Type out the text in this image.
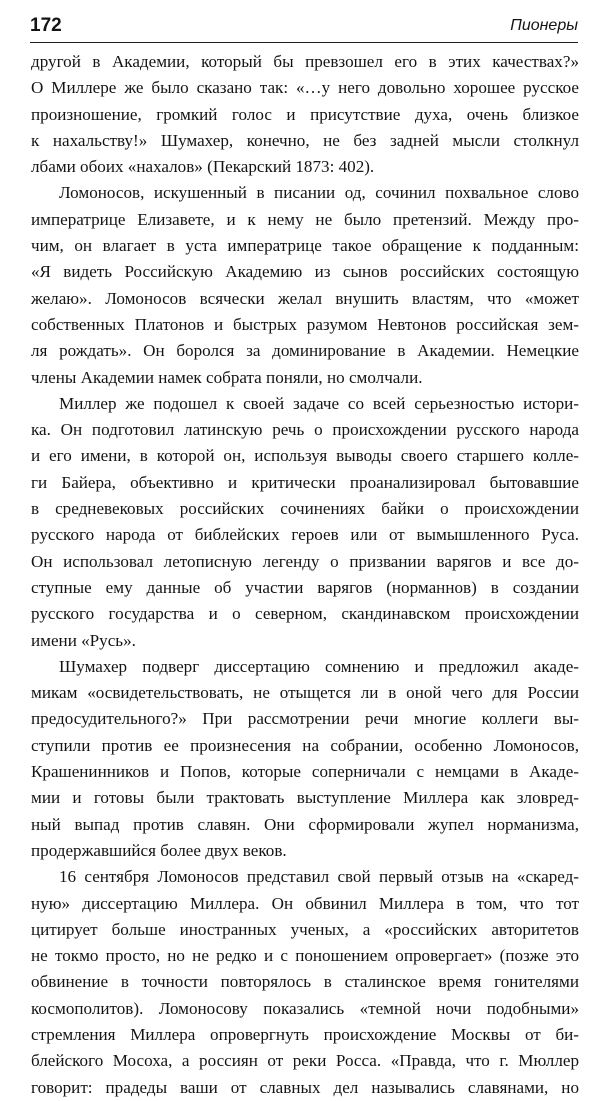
172	Пионеры
другой в Академии, который бы превзошел его в этих качествах?»
О Миллере же было сказано так: «…у него довольно хорошее русское
произношение, громкий голос и присутствие духа, очень близкое
к нахальству!» Шумахер, конечно, не без задней мысли столкнул
лбами обоих «нахалов» (Пекарский 1873: 402).
Ломоносов, искушенный в писании од, сочинил похвальное слово
императрице Елизавете, и к нему не было претензий. Между про-
чим, он влагает в уста императрице такое обращение к подданным:
«Я видеть Российскую Академию из сынов российских состоящую
желаю». Ломоносов всячески желал внушить властям, что «может
собственных Платонов и быстрых разумом Невтонов российская зем-
ля рождать». Он боролся за доминирование в Академии. Немецкие
члены Академии намек собрата поняли, но смолчали.
Миллер же подошел к своей задаче со всей серьезностью истори-
ка. Он подготовил латинскую речь о происхождении русского народа
и его имени, в которой он, используя выводы своего старшего колле-
ги Байера, объективно и критически проанализировал бытовавшие
в средневековых российских сочинениях байки о происхождении
русского народа от библейских героев или от вымышленного Руса.
Он использовал летописную легенду о призвании варягов и все до-
ступные ему данные об участии варягов (норманнов) в создании
русского государства и о северном, скандинавском происхождении
имени «Русь».
Шумахер подверг диссертацию сомнению и предложил акаде-
микам «освидетельствовать, не отыщется ли в оной чего для России
предосудительного?» При рассмотрении речи многие коллеги вы-
ступили против ее произнесения на собрании, особенно Ломоносов,
Крашенинников и Попов, которые соперничали с немцами в Акаде-
мии и готовы были трактовать выступление Миллера как зловред-
ный выпад против славян. Они сформировали жупел норманизма,
продержавшийся более двух веков.
16 сентября Ломоносов представил свой первый отзыв на «скаред-
ную» диссертацию Миллера. Он обвинил Миллера в том, что тот
цитирует больше иностранных ученых, а «российских авторитетов
не токмо просто, но не редко и с поношением опровергает» (позже это
обвинение в точности повторялось в сталинское время гонителями
космополитов). Ломоносову показались «темной ночи подобными»
стремления Миллера опровергнуть происхождение Москвы от би-
блейского Мосоха, а россиян от реки Росса. «Правда, что г. Мюллер
говорит: прадеды ваши от славных дел назывались славянами, но
